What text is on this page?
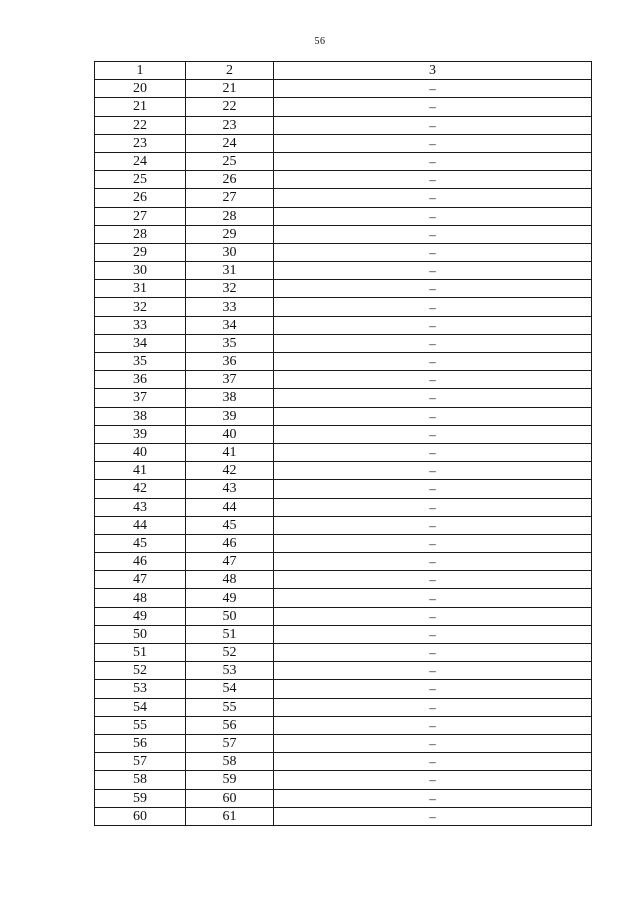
56
1	2	3
20	21	–
21	22	–
22	23	–
23	24	–
24	25	–
25	26	–
26	27	–
27	28	–
28	29	–
29	30	–
30	31	–
31	32	–
32	33	–
33	34	–
34	35	–
35	36	–
36	37	–
37	38	–
38	39	–
39	40	–
40	41	–
41	42	–
42	43	–
43	44	–
44	45	–
45	46	–
46	47	–
47	48	–
48	49	–
49	50	–
50	51	–
51	52	–
52	53	–
53	54	–
54	55	–
55	56	–
56	57	–
57	58	–
58	59	–
59	60	–
60	61	–
